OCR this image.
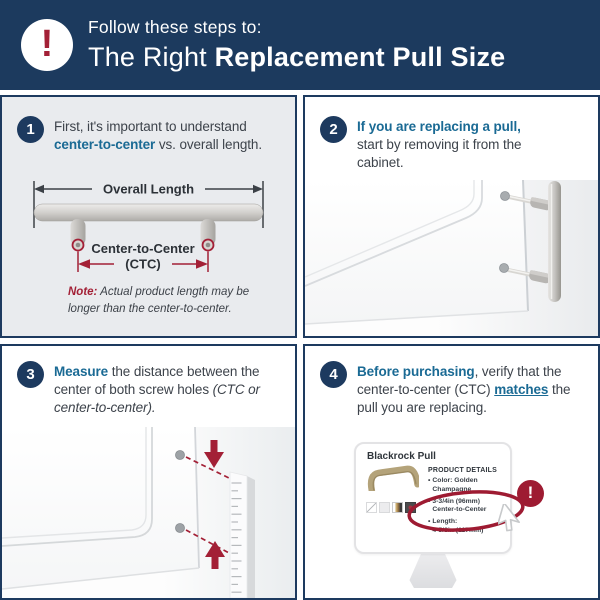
! Follow these steps to:
The Right Replacement Pull Size
1 First, it's important to understand center-to-center vs. overall length.

Overall Length
Center-to-Center
(CTC)

Note: Actual product length may be longer than the center-to-center.

2 If you are replacing a pull, start by removing it from the cabinet.

3 Measure the distance between the center of both screw holes (CTC or center-to-center).

4 Before purchasing, verify that the center-to-center (CTC) matches the pull you are replacing.

Blackrock Pull
PRODUCT DETAILS
• Color: Golden
Champagne
• 3-3/4in (96mm)
Center-to-Center
• Length:
4-5/8in (117mm)
!
